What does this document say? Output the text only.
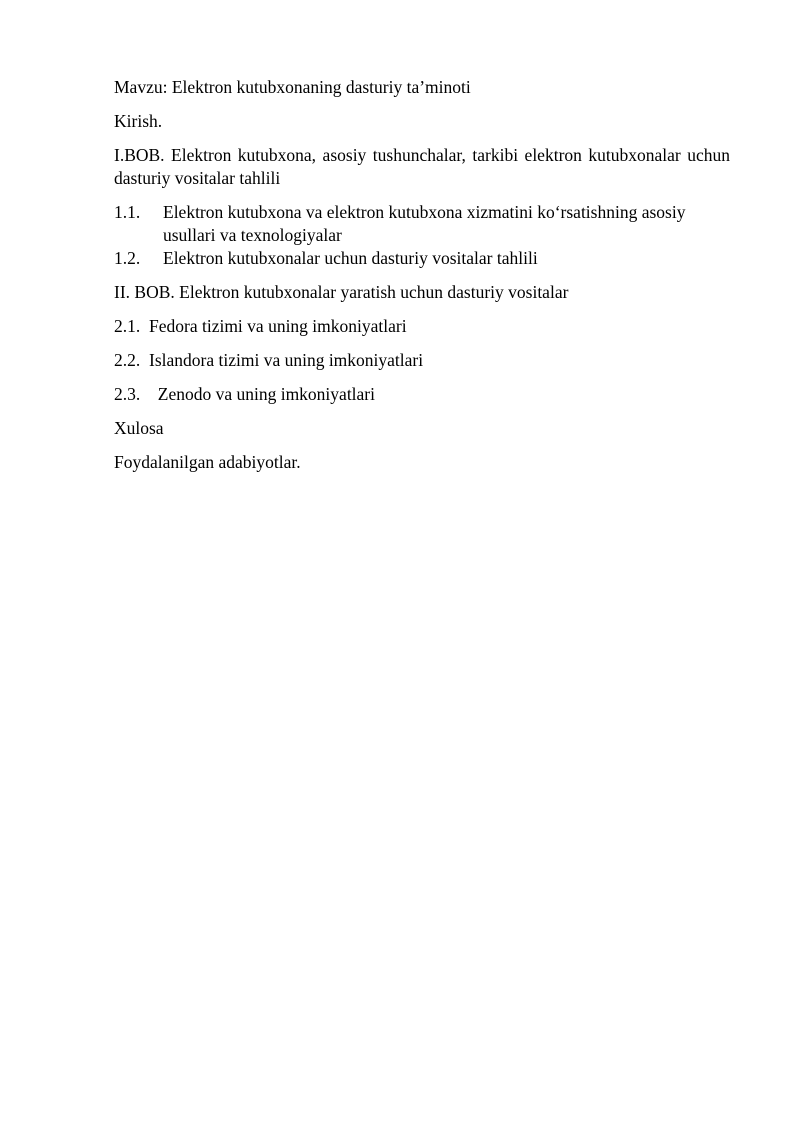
Mavzu: Elektron kutubxonaning dasturiy ta’minoti
Kirish.
I.BOB. Elektron kutubxona, asosiy tushunchalar, tarkibi elektron kutubxonalar uchun dasturiy vositalar tahlili
1.1.	Elektron kutubxona va elektron kutubxona xizmatini ko‘rsatishning asosiy usullari va texnologiyalar
1.2.	Elektron kutubxonalar uchun dasturiy vositalar tahlili
II. BOB. Elektron kutubxonalar yaratish uchun dasturiy vositalar
2.1.  Fedora tizimi va uning imkoniyatlari
2.2.  Islandora tizimi va uning imkoniyatlari
2.3.    Zenodo va uning imkoniyatlari
Xulosa
Foydalanilgan adabiyotlar.
